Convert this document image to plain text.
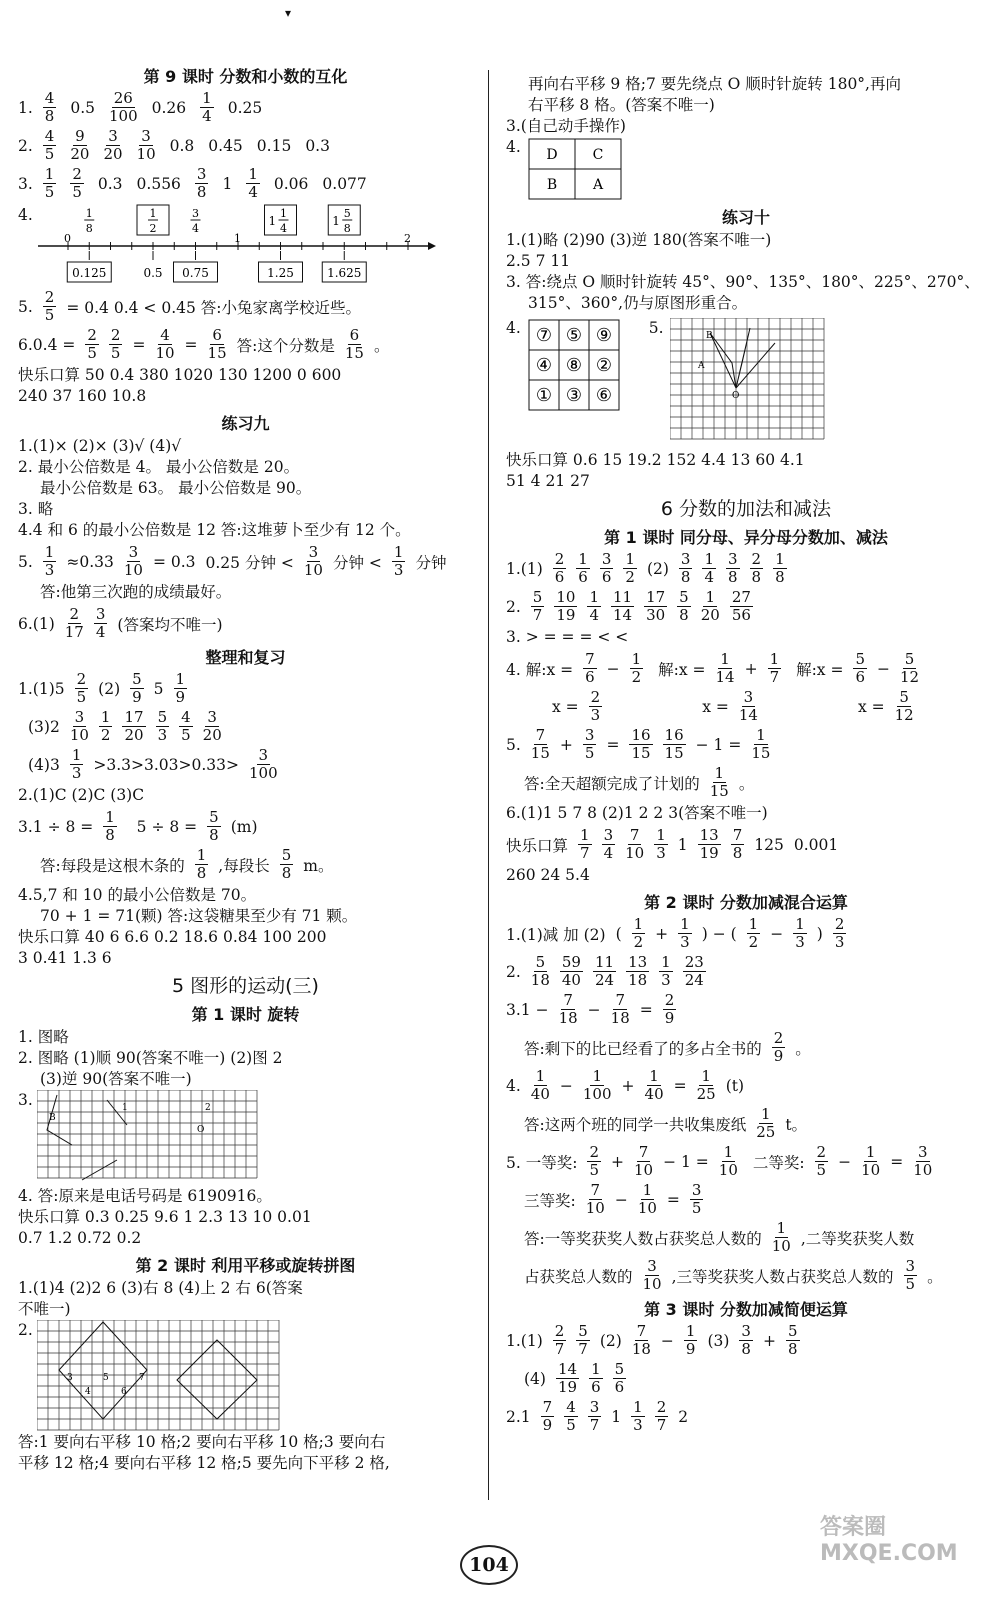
▾
第 9 课时 分数和小数的互化
1. $\frac{4}{8} 0.5 \frac{26}{100} 0.26 \frac{1}{4} 0.25$
2. $\frac{4}{5} \frac{9}{20} \frac{3}{20} \frac{3}{10} 0.8$ 0.45 0.15 0.3
3. $\frac{1}{5} \frac{2}{5} 0.3$ $0.556 \frac{3}{8} 1 \frac{1}{4} 0.06$ 0.077
4.
0	1	2
1
8
1
2
3
4
1
1
4
1
5
8
0.125	0.5 0.75	1.25	1.625
5. $\frac{2}{5} = 0.4$ 0.4 < 0.45 答:小兔家离学校近些。
$6.0.4 = \frac{2}{5} \frac{2}{5} = \frac{4}{10} = \frac{6}{15}$ 答:这个分数是 $\frac{6}{15}$ 。

快乐口算 50 0.4 380 1020 130 1200 0 600

240 37 160 10.8

练习九

1.(1)× (2)× (3)√ (4)√

2. 最小公倍数是 4。 最小公倍数是 20。

最小公倍数是 63。 最小公倍数是 90。

3. 略

4.4 和 6 的最小公倍数是 12 答:这堆萝卜至少有 12 个。

5. $\frac{1}{3} \approx 0.33 \frac{3}{10} = 0.3$ 0.25 分钟 < $\frac{3}{10}$ 分钟 < $\frac{1}{3}$ 分钟

答:他第三次跑的成绩最好。

$6.(1) \frac{2}{17} \frac{3}{4}$ (答案均不唯一)
整理和复习
$1.(1)5 \frac{2}{5} (2) \frac{5}{9} 5 \frac{1}{9}$
$(3)2 \frac{3}{10} \frac{1}{2} \frac{17}{20} \frac{5}{3} \frac{4}{5} \frac{3}{20}$
$(4)3 \frac{1}{3} >3.3>3.03>0.33> \frac{3}{100}$

2.(1)C (2)C (3)C

$3.1 \div 8 = \frac{1}{8} 5 \div 8 = \frac{5}{8} (m)$
答:每段是这根木条的 $\frac{1}{8}$ ,每段长 $\frac{5}{8}$ m。

4.5,7 和 10 的最小公倍数是 70。

70 + 1 = 71(颗) 答:这袋糖果至少有 71 颗。

快乐口算 40 6 6.6 0.2 18.6 0.84 100 200

3 0.41 1.3 6

5 图形的运动(三)
第 1 课时 旋转

1. 图略

2. 图略 (1)顺 90(答案不唯一) (2)图 2

(3)逆 90(答案不唯一)

3.
B
1
O
2

4. 答:原来是电话号码是 6190916。

快乐口算 0.3 0.25 9.6 1 2.3 13 10 0.01

0.7 1.2 0.72 0.2

第 2 课时 利用平移或旋转拼图

1.(1)4 (2)2 6 (3)右 8 (4)上 2 右 6(答案

不唯一)

2.
3
4
5
6
7

答:1 要向右平移 10 格;2 要向右平移 10 格;3 要向右

平移 12 格;4 要向右平移 12 格;5 要先向下平移 2 格,

再向右平移 9 格;7 要先绕点 O 顺时针旋转 180°,再向

右平移 8 格。(答案不唯一)

3.(自己动手操作)

4. D	C
B	A
练习十

1.(1)略 (2)90 (3)逆 180(答案不唯一)

2.5 7 11

3. 答:绕点 O 顺时针旋转 45°、90°、135°、180°、225°、270°、

315°、360°,仍与原图形重合。

4. ⑦ ⑤ ⑨
④ ⑧ ②
① ③ ⑥
5.	B
A
O

快乐口算 0.6 15 19.2 152 4.4 13 60 4.1

51 4 21 27

6 分数的加法和减法
第 1 课时 同分母、异分母分数加、减法
$1.(1) \frac{2}{6} \frac{1}{6} \frac{3}{6} \frac{1}{2} (2) \frac{3}{8} \frac{1}{4} \frac{3}{8} \frac{2}{8} \frac{1}{8}$
2. $\frac{5}{7} \frac{10}{19} \frac{1}{4} \frac{11}{14} \frac{17}{30} \frac{5}{8} \frac{1}{20} \frac{27}{56}$

3. > = = = < <

4. 解:x = $\frac{7}{6} - \frac{1}{2}$ 解:x = $\frac{1}{14} + \frac{1}{7}$ 解:x = $\frac{5}{6} - \frac{5}{12}$
$x = \frac{2}{3}$	$x = \frac{3}{14}$	$x = \frac{5}{12}$
5. $\frac{7}{15} + \frac{3}{5} = \frac{16}{15} \frac{16}{15} - 1 = \frac{1}{15}$
答:全天超额完成了计划的 $\frac{1}{15}$ 。

6.(1)1 5 7 8 (2)1 2 2 3(答案不唯一)

快乐口算 $\frac{1}{7} \frac{3}{4} \frac{7}{10} \frac{1}{3} 1 \frac{13}{19} \frac{7}{8} 125$ 0.001

260 24 5.4

第 2 课时 分数加减混合运算
1.(1)减 加 (2) ( $\frac{1}{2} + \frac{1}{3}$ ) − ( $\frac{1}{2} - \frac{1}{3}$ ) $\frac{2}{3}$
2. $\frac{5}{18} \frac{59}{40} \frac{11}{24} \frac{13}{18} \frac{1}{3} \frac{23}{24}$
$3.1 - \frac{7}{18} - \frac{7}{18} = \frac{2}{9}$
答:剩下的比已经看了的多占全书的 $\frac{2}{9}$ 。
4. $\frac{1}{40} - \frac{1}{100} + \frac{1}{40} = \frac{1}{25} (t)$
答:这两个班的同学一共收集废纸 $\frac{1}{25}$ t。
5. 一等奖: $\frac{2}{5} + \frac{7}{10} - 1 = \frac{1}{10}$ 二等奖: $\frac{2}{5} - \frac{1}{10} = \frac{3}{10}$
三等奖: $\frac{7}{10} - \frac{1}{10} = \frac{3}{5}$
答:一等奖获奖人数占获奖总人数的 $\frac{1}{10}$ ,二等奖获奖人数
占获奖总人数的 $\frac{3}{10}$ ,三等奖获奖人数占获奖总人数的 $\frac{3}{5}$ 。
第 3 课时 分数加减简便运算
$1.(1) \frac{2}{7} \frac{5}{7} (2) \frac{7}{18} - \frac{1}{9} (3) \frac{3}{8} + \frac{5}{8}$
$(4) \frac{14}{19} \frac{1}{6} \frac{5}{6}$
$2.1 \frac{7}{9} \frac{4}{5} \frac{3}{7} 1 \frac{1}{3} \frac{2}{7} 2$
104
答案圈 MXQE.COM
